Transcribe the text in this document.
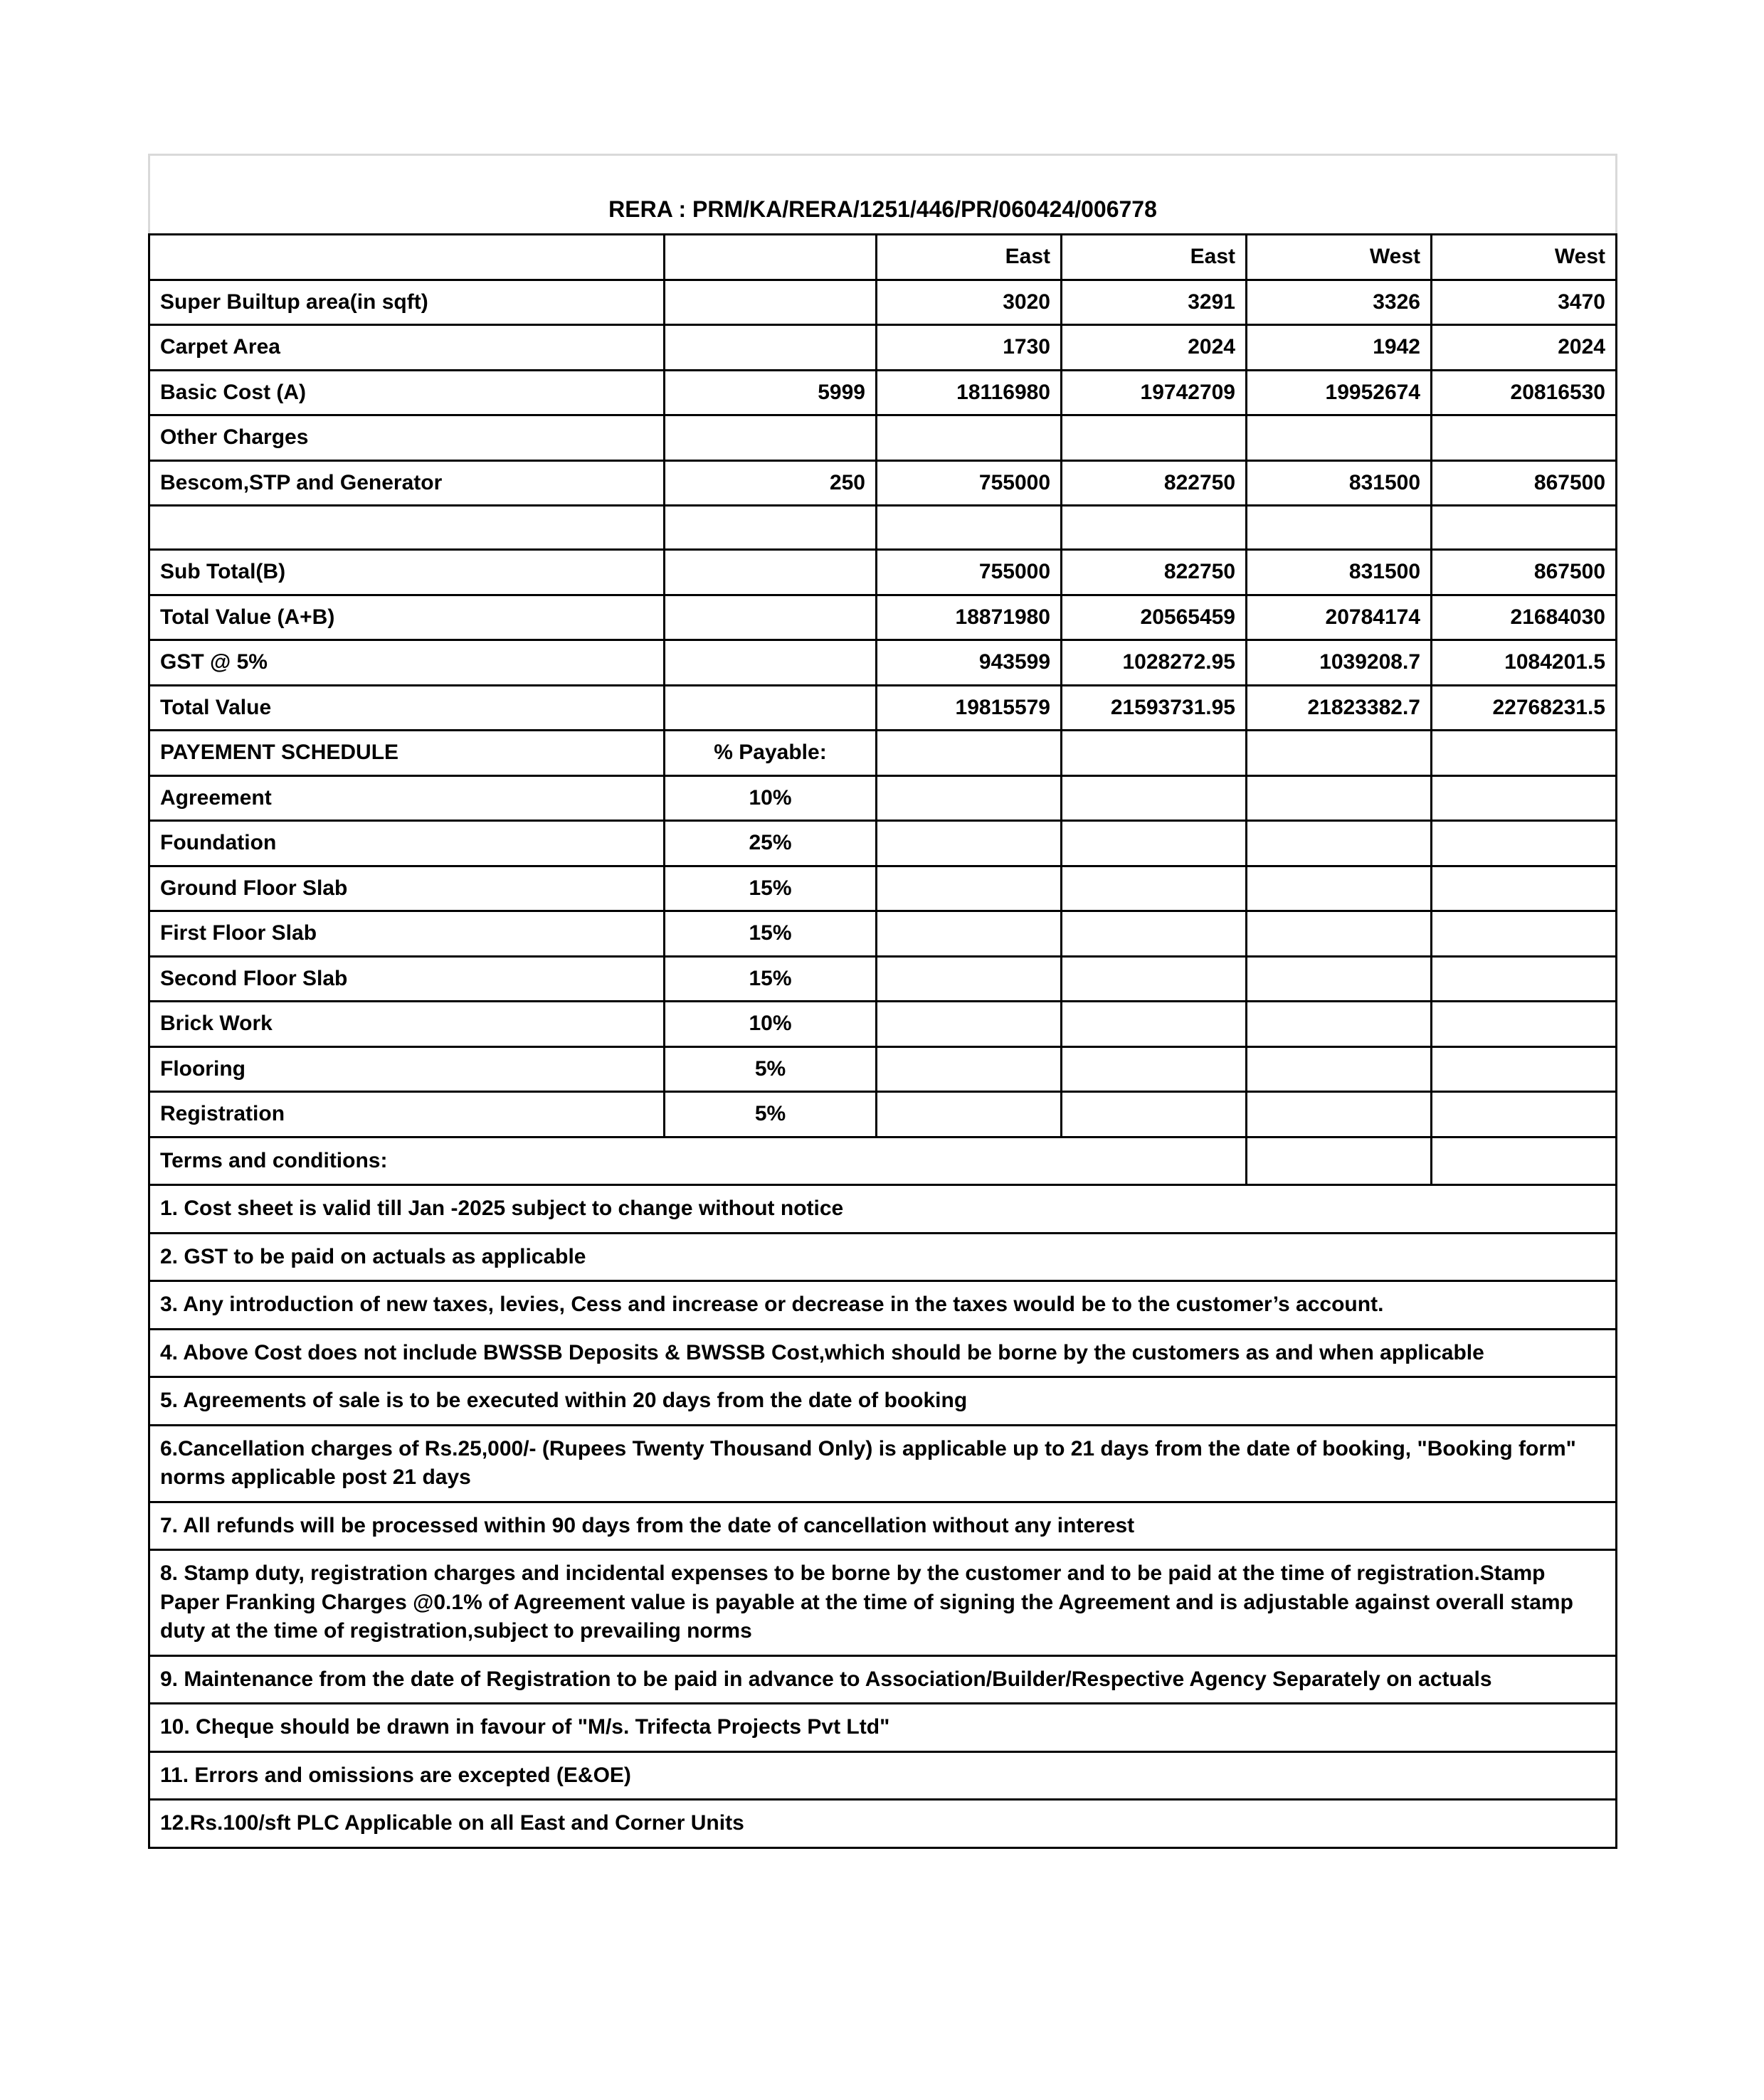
RERA : PRM/KA/RERA/1251/446/PR/060424/006778					
		East	East	West	West
Super Builtup area(in sqft)		3020	3291	3326	3470
Carpet Area		1730	2024	1942	2024
Basic Cost (A)	5999	18116980	19742709	19952674	20816530
Other Charges					
Bescom,STP and Generator	250	755000	822750	831500	867500

Sub Total(B)		755000	822750	831500	867500
Total Value (A+B)		18871980	20565459	20784174	21684030
GST @ 5%		943599	1028272.95	1039208.7	1084201.5
Total Value		19815579	21593731.95	21823382.7	22768231.5
PAYEMENT SCHEDULE	% Payable:				
Agreement	10%				
Foundation	25%				
Ground Floor Slab	15%				
First Floor Slab	15%				
Second Floor Slab	15%				
Brick Work	10%				
Flooring	5%				
Registration	5%				
Terms and conditions:					
1. Cost sheet is valid till Jan -2025 subject to change without notice					
2. GST to be paid on actuals as applicable					
3. Any introduction of new taxes, levies, Cess and increase or decrease in the taxes would be to the customer’s account.					
4. Above Cost does not include BWSSB Deposits & BWSSB Cost,which should be borne by the customers as and when applicable					
5. Agreements of sale is to be executed within 20 days from the date of booking					
6.Cancellation charges of Rs.25,000/- (Rupees Twenty Thousand Only) is applicable up to 21 days from the date of booking, "Booking form" norms applicable post 21 days					
7. All refunds will be processed within 90 days from the date of cancellation without any interest					
8. Stamp duty, registration charges and incidental expenses to be borne by the customer and to be paid at the time of registration.Stamp Paper Franking Charges @0.1% of Agreement value is payable at the time of signing the Agreement and is adjustable against overall stamp duty at the time of registration,subject to prevailing norms					
9. Maintenance from the date of Registration to be paid in advance to Association/Builder/Respective Agency Separately on actuals					
10. Cheque should be drawn in favour of "M/s. Trifecta Projects Pvt Ltd"					
11. Errors and omissions are excepted (E&OE)					
12.Rs.100/sft PLC Applicable on all East and Corner Units					
